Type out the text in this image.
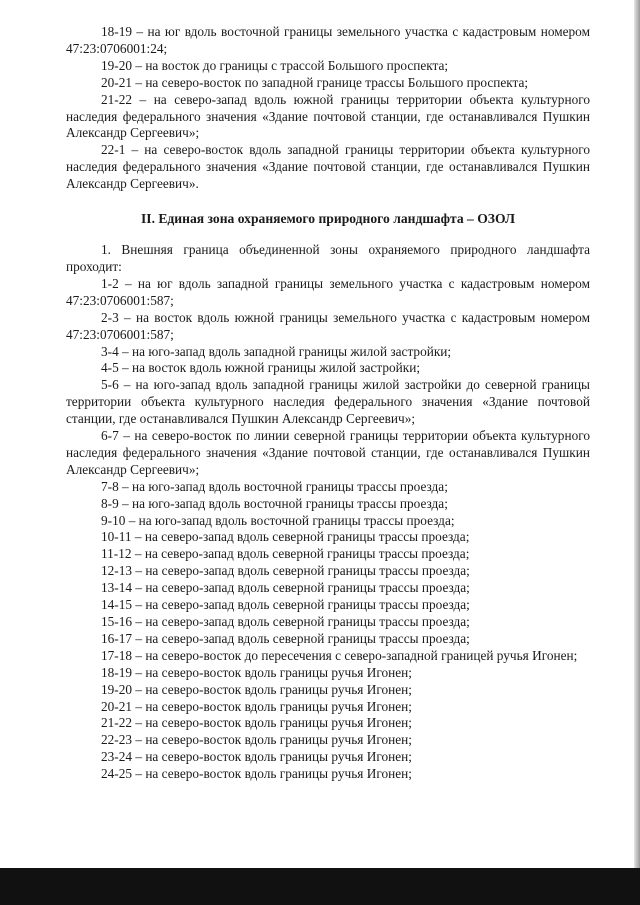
18-19 – на юг вдоль восточной границы земельного участка с кадастровым номером 47:23:0706001:24;

19-20 – на восток до границы с трассой Большого проспекта;

20-21 – на северо-восток по западной границе трассы Большого проспекта;

21-22 – на северо-запад вдоль южной границы территории объекта культурного наследия федерального значения «Здание почтовой станции, где останавливался Пушкин Александр Сергеевич»;

22-1 – на северо-восток вдоль западной границы территории объекта культурного наследия федерального значения «Здание почтовой станции, где останавливался Пушкин Александр Сергеевич».

II. Единая зона охраняемого природного ландшафта – ОЗОЛ

1. Внешняя граница объединенной зоны охраняемого природного ландшафта проходит:

1-2 – на юг вдоль западной границы земельного участка с кадастровым номером 47:23:0706001:587;

2-3 – на восток вдоль южной границы земельного участка с кадастровым номером 47:23:0706001:587;

3-4 – на юго-запад вдоль западной границы жилой застройки;

4-5 – на восток вдоль южной границы жилой застройки;

5-6 – на юго-запад вдоль западной границы жилой застройки до северной границы территории объекта культурного наследия федерального значения «Здание почтовой станции, где останавливался Пушкин Александр Сергеевич»;

6-7 – на северо-восток по линии северной границы территории объекта культурного наследия федерального значения «Здание почтовой станции, где останавливался Пушкин Александр Сергеевич»;

7-8 – на юго-запад вдоль восточной границы трассы проезда;

8-9 – на юго-запад вдоль восточной границы трассы проезда;

9-10 – на юго-запад вдоль восточной границы трассы проезда;

10-11 – на северо-запад вдоль северной границы трассы проезда;

11-12 – на северо-запад вдоль северной границы трассы проезда;

12-13 – на северо-запад вдоль северной границы трассы проезда;

13-14 – на северо-запад вдоль северной границы трассы проезда;

14-15 – на северо-запад вдоль северной границы трассы проезда;

15-16 – на северо-запад вдоль северной границы трассы проезда;

16-17 – на северо-запад вдоль северной границы трассы проезда;

17-18 – на северо-восток до пересечения с северо-западной границей ручья Игонен;

18-19 – на северо-восток вдоль границы ручья Игонен;

19-20 – на северо-восток вдоль границы ручья Игонен;

20-21 – на северо-восток вдоль границы ручья Игонен;

21-22 – на северо-восток вдоль границы ручья Игонен;

22-23 – на северо-восток вдоль границы ручья Игонен;

23-24 – на северо-восток вдоль границы ручья Игонен;

24-25 – на северо-восток вдоль границы ручья Игонен;
